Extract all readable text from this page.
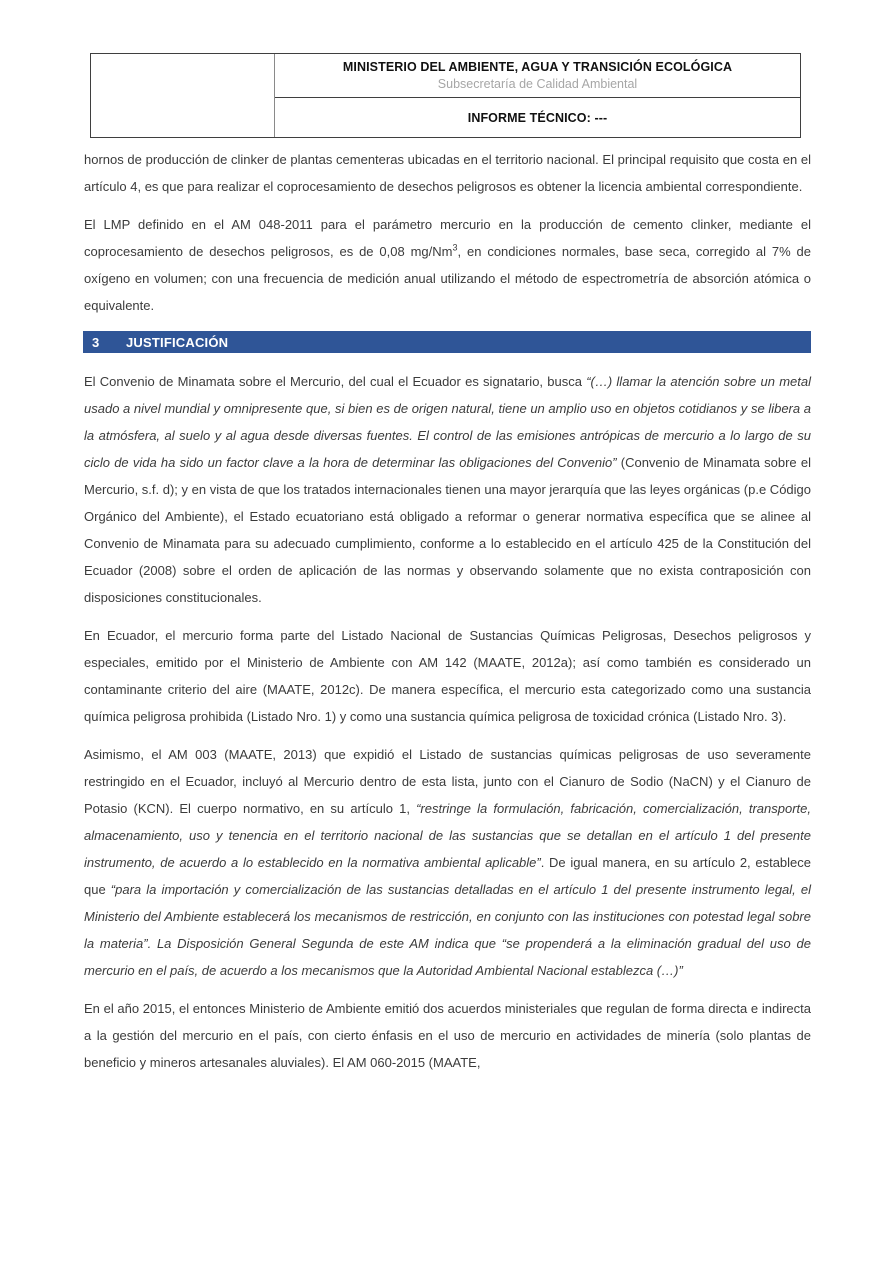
MINISTERIO DEL AMBIENTE, AGUA Y TRANSICIÓN ECOLÓGICA
Subsecretaría de Calidad Ambiental
INFORME TÉCNICO: ---

hornos de producción de clinker de plantas cementeras ubicadas en el territorio nacional. El principal requisito que costa en el artículo 4, es que para realizar el coprocesamiento de desechos peligrosos es obtener la licencia ambiental correspondiente.

El LMP definido en el AM 048-2011 para el parámetro mercurio en la producción de cemento clinker, mediante el coprocesamiento de desechos peligrosos, es de 0,08 mg/Nm$^3$, en condiciones normales, base seca, corregido al 7% de oxígeno en volumen; con una frecuencia de medición anual utilizando el método de espectrometría de absorción atómica o equivalente.

3	JUSTIFICACIÓN

El Convenio de Minamata sobre el Mercurio, del cual el Ecuador es signatario, busca “(…) llamar la atención sobre un metal usado a nivel mundial y omnipresente que, si bien es de origen natural, tiene un amplio uso en objetos cotidianos y se libera a la atmósfera, al suelo y al agua desde diversas fuentes. El control de las emisiones antrópicas de mercurio a lo largo de su ciclo de vida ha sido un factor clave a la hora de determinar las obligaciones del Convenio” (Convenio de Minamata sobre el Mercurio, s.f. d); y en vista de que los tratados internacionales tienen una mayor jerarquía que las leyes orgánicas (p.e Código Orgánico del Ambiente), el Estado ecuatoriano está obligado a reformar o generar normativa específica que se alinee al Convenio de Minamata para su adecuado cumplimiento, conforme a lo establecido en el artículo 425 de la Constitución del Ecuador (2008) sobre el orden de aplicación de las normas y observando solamente que no exista contraposición con disposiciones constitucionales.

En Ecuador, el mercurio forma parte del Listado Nacional de Sustancias Químicas Peligrosas, Desechos peligrosos y especiales, emitido por el Ministerio de Ambiente con AM 142 (MAATE, 2012a); así como también es considerado un contaminante criterio del aire (MAATE, 2012c). De manera específica, el mercurio esta categorizado como una sustancia química peligrosa prohibida (Listado Nro. 1) y como una sustancia química peligrosa de toxicidad crónica (Listado Nro. 3).

Asimismo, el AM 003 (MAATE, 2013) que expidió el Listado de sustancias químicas peligrosas de uso severamente restringido en el Ecuador, incluyó al Mercurio dentro de esta lista, junto con el Cianuro de Sodio (NaCN) y el Cianuro de Potasio (KCN). El cuerpo normativo, en su artículo 1, “restringe la formulación, fabricación, comercialización, transporte, almacenamiento, uso y tenencia en el territorio nacional de las sustancias que se detallan en el artículo 1 del presente instrumento, de acuerdo a lo establecido en la normativa ambiental aplicable”. De igual manera, en su artículo 2, establece que “para la importación y comercialización de las sustancias detalladas en el artículo 1 del presente instrumento legal, el Ministerio del Ambiente establecerá los mecanismos de restricción, en conjunto con las instituciones con potestad legal sobre la materia”. La Disposición General Segunda de este AM indica que “se propenderá a la eliminación gradual del uso de mercurio en el país, de acuerdo a los mecanismos que la Autoridad Ambiental Nacional establezca (…)”

En el año 2015, el entonces Ministerio de Ambiente emitió dos acuerdos ministeriales que regulan de forma directa e indirecta a la gestión del mercurio en el país, con cierto énfasis en el uso de mercurio en actividades de minería (solo plantas de beneficio y mineros artesanales aluviales). El AM 060-2015 (MAATE,
